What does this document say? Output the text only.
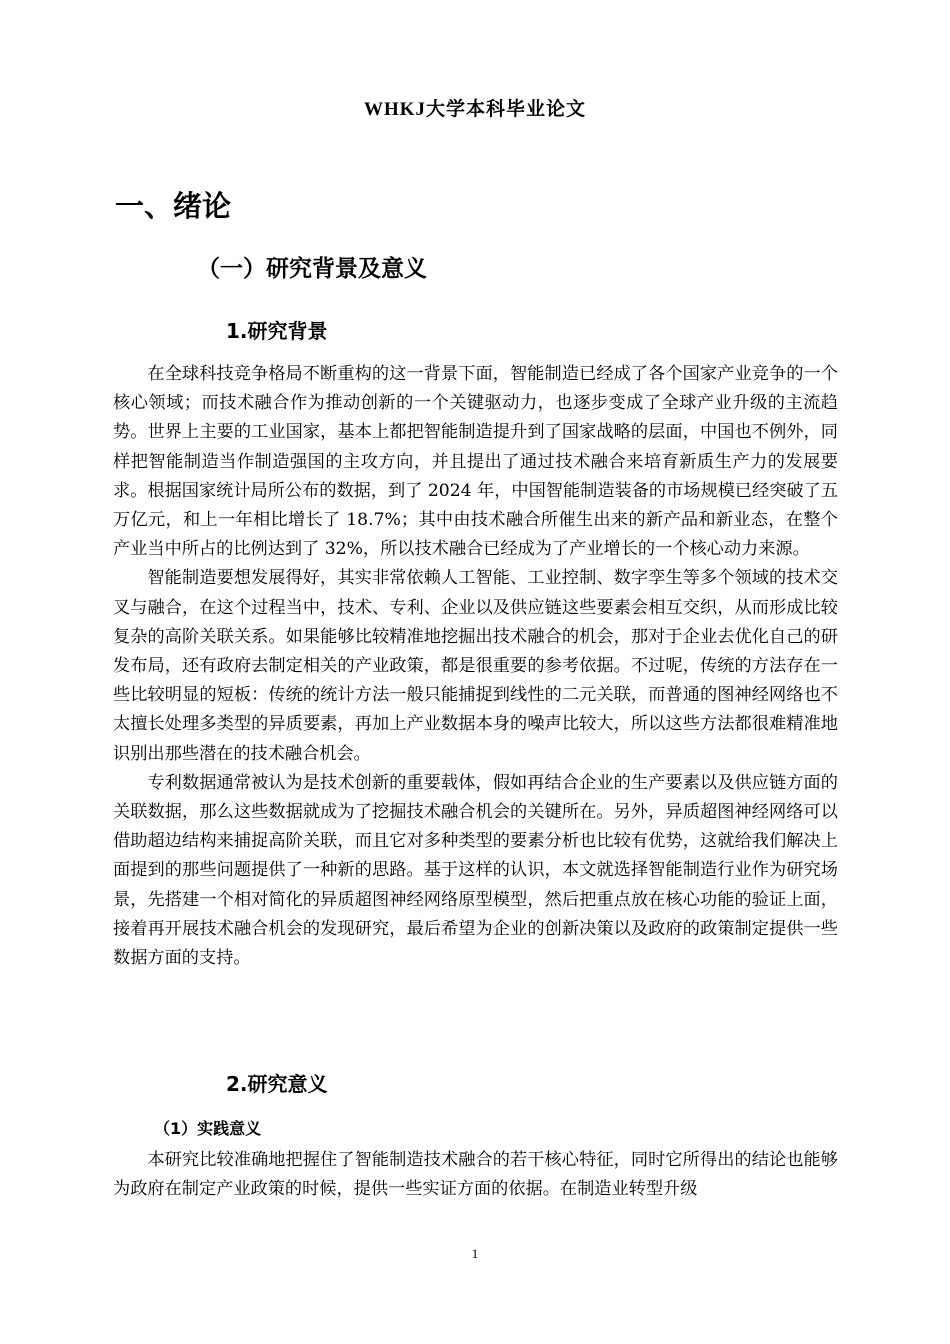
WHKJ大学本科毕业论文
一、绪论
（一）研究背景及意义
1.研究背景

在全球科技竞争格局不断重构的这一背景下面，智能制造已经成了各个国家产业竞争的一个核心领域；而技术融合作为推动创新的一个关键驱动力，也逐步变成了全球产业升级的主流趋势。世界上主要的工业国家，基本上都把智能制造提升到了国家战略的层面，中国也不例外，同样把智能制造当作制造强国的主攻方向，并且提出了通过技术融合来培育新质生产力的发展要求。根据国家统计局所公布的数据，到了 2024 年，中国智能制造装备的市场规模已经突破了五万亿元，和上一年相比增长了 18.7%；其中由技术融合所催生出来的新产品和新业态，在整个产业当中所占的比例达到了 32%，所以技术融合已经成为了产业增长的一个核心动力来源。

智能制造要想发展得好，其实非常依赖人工智能、工业控制、数字孪生等多个领域的技术交叉与融合，在这个过程当中，技术、专利、企业以及供应链这些要素会相互交织，从而形成比较复杂的高阶关联关系。如果能够比较精准地挖掘出技术融合的机会，那对于企业去优化自己的研发布局，还有政府去制定相关的产业政策，都是很重要的参考依据。不过呢，传统的方法存在一些比较明显的短板：传统的统计方法一般只能捕捉到线性的二元关联，而普通的图神经网络也不太擅长处理多类型的异质要素，再加上产业数据本身的噪声比较大，所以这些方法都很难精准地识别出那些潜在的技术融合机会。

专利数据通常被认为是技术创新的重要载体，假如再结合企业的生产要素以及供应链方面的关联数据，那么这些数据就成为了挖掘技术融合机会的关键所在。另外，异质超图神经网络可以借助超边结构来捕捉高阶关联，而且它对多种类型的要素分析也比较有优势，这就给我们解决上面提到的那些问题提供了一种新的思路。基于这样的认识，本文就选择智能制造行业作为研究场景，先搭建一个相对简化的异质超图神经网络原型模型，然后把重点放在核心功能的验证上面，接着再开展技术融合机会的发现研究，最后希望为企业的创新决策以及政府的政策制定提供一些数据方面的支持。

2.研究意义
（1）实践意义

本研究比较准确地把握住了智能制造技术融合的若干核心特征，同时它所得出的结论也能够为政府在制定产业政策的时候，提供一些实证方面的依据。在制造业转型升级

1
